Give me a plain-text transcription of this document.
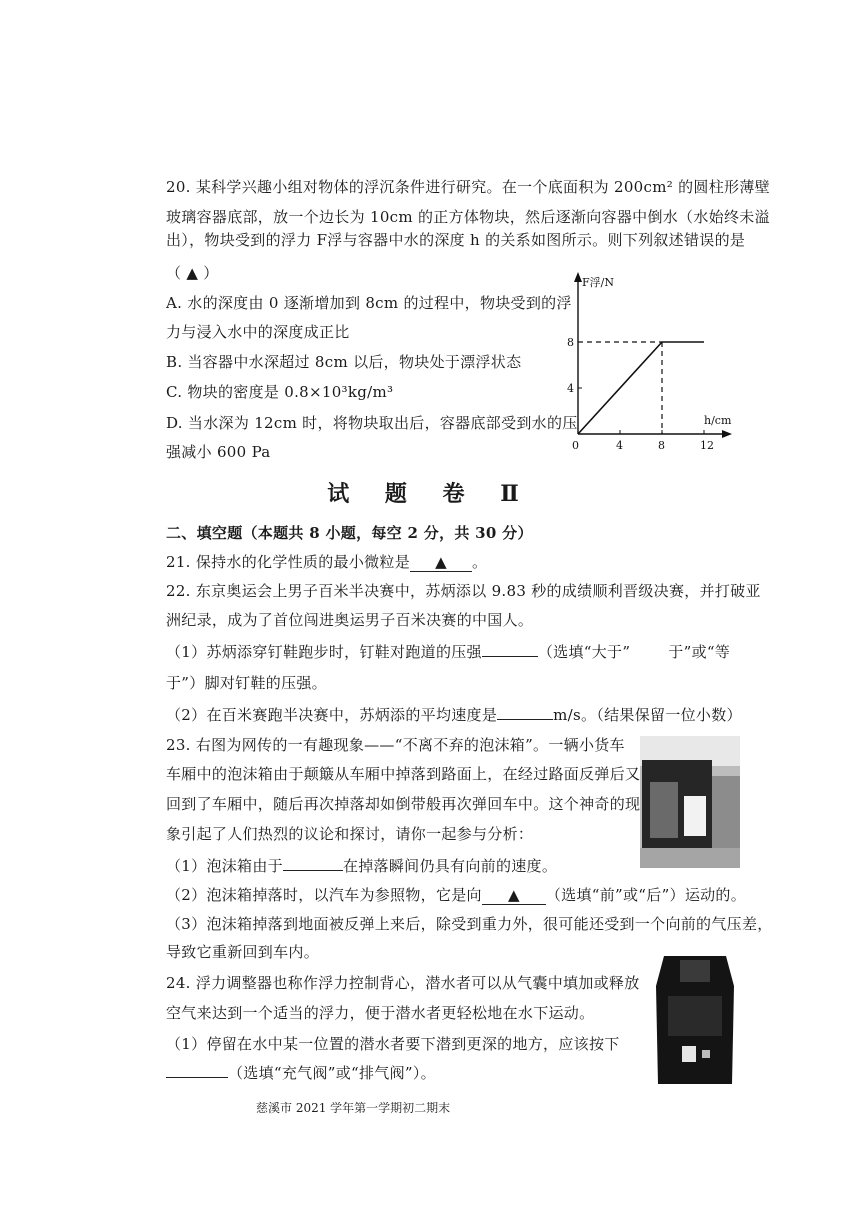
20. 某科学兴趣小组对物体的浮沉条件进行研究。在一个底面积为 200cm² 的圆柱形薄壁
玻璃容器底部，放一个边长为 10cm 的正方体物块，然后逐渐向容器中倒水（水始终未溢
出），物块受到的浮力 F浮与容器中水的深度 h 的关系如图所示。则下列叙述错误的是
（ ▲ ）
A. 水的深度由 0 逐渐增加到 8cm 的过程中，物块受到的浮
力与浸入水中的深度成正比
B. 当容器中水深超过 8cm 以后，物块处于漂浮状态
C. 物块的密度是 0.8×10³kg/m³
D. 当水深为 12cm 时，将物块取出后，容器底部受到水的压
强减小 600 Pa
F浮/N
h/cm
0	4	8	12
8
4
试 题 卷 Ⅱ
二、填空题（本题共 8 小题，每空 2 分，共 30 分）
21. 保持水的化学性质的最小微粒是 ▲ 。
22. 东京奥运会上男子百米半决赛中，苏炳添以 9.83 秒的成绩顺利晋级决赛，并打破亚
洲纪录，成为了首位闯进奥运男子百米决赛的中国人。
（1）苏炳添穿钉鞋跑步时，钉鞋对跑道的压强	（选填“大于”	于”或“等
于”）脚对钉鞋的压强。
（2）在百米赛跑半决赛中，苏炳添的平均速度是	m/s。（结果保留一位小数）
23. 右图为网传的一有趣现象——“不离不弃的泡沫箱”。一辆小货车
车厢中的泡沫箱由于颠簸从车厢中掉落到路面上，在经过路面反弹后又
回到了车厢中，随后再次掉落却如倒带般再次弹回车中。这个神奇的现
象引起了人们热烈的议论和探讨，请你一起参与分析：
（1）泡沫箱由于	在掉落瞬间仍具有向前的速度。
（2）泡沫箱掉落时，以汽车为参照物，它是向 ▲ （选填“前”或“后”）运动的。
（3）泡沫箱掉落到地面被反弹上来后，除受到重力外，很可能还受到一个向前的气压差，
导致它重新回到车内。
24. 浮力调整器也称作浮力控制背心，潜水者可以从气囊中填加或释放
空气来达到一个适当的浮力，便于潜水者更轻松地在水下运动。
（1）停留在水中某一位置的潜水者要下潜到更深的地方，应该按下
（选填“充气阀”或“排气阀”）。
慈溪市 2021 学年第一学期初二期末
